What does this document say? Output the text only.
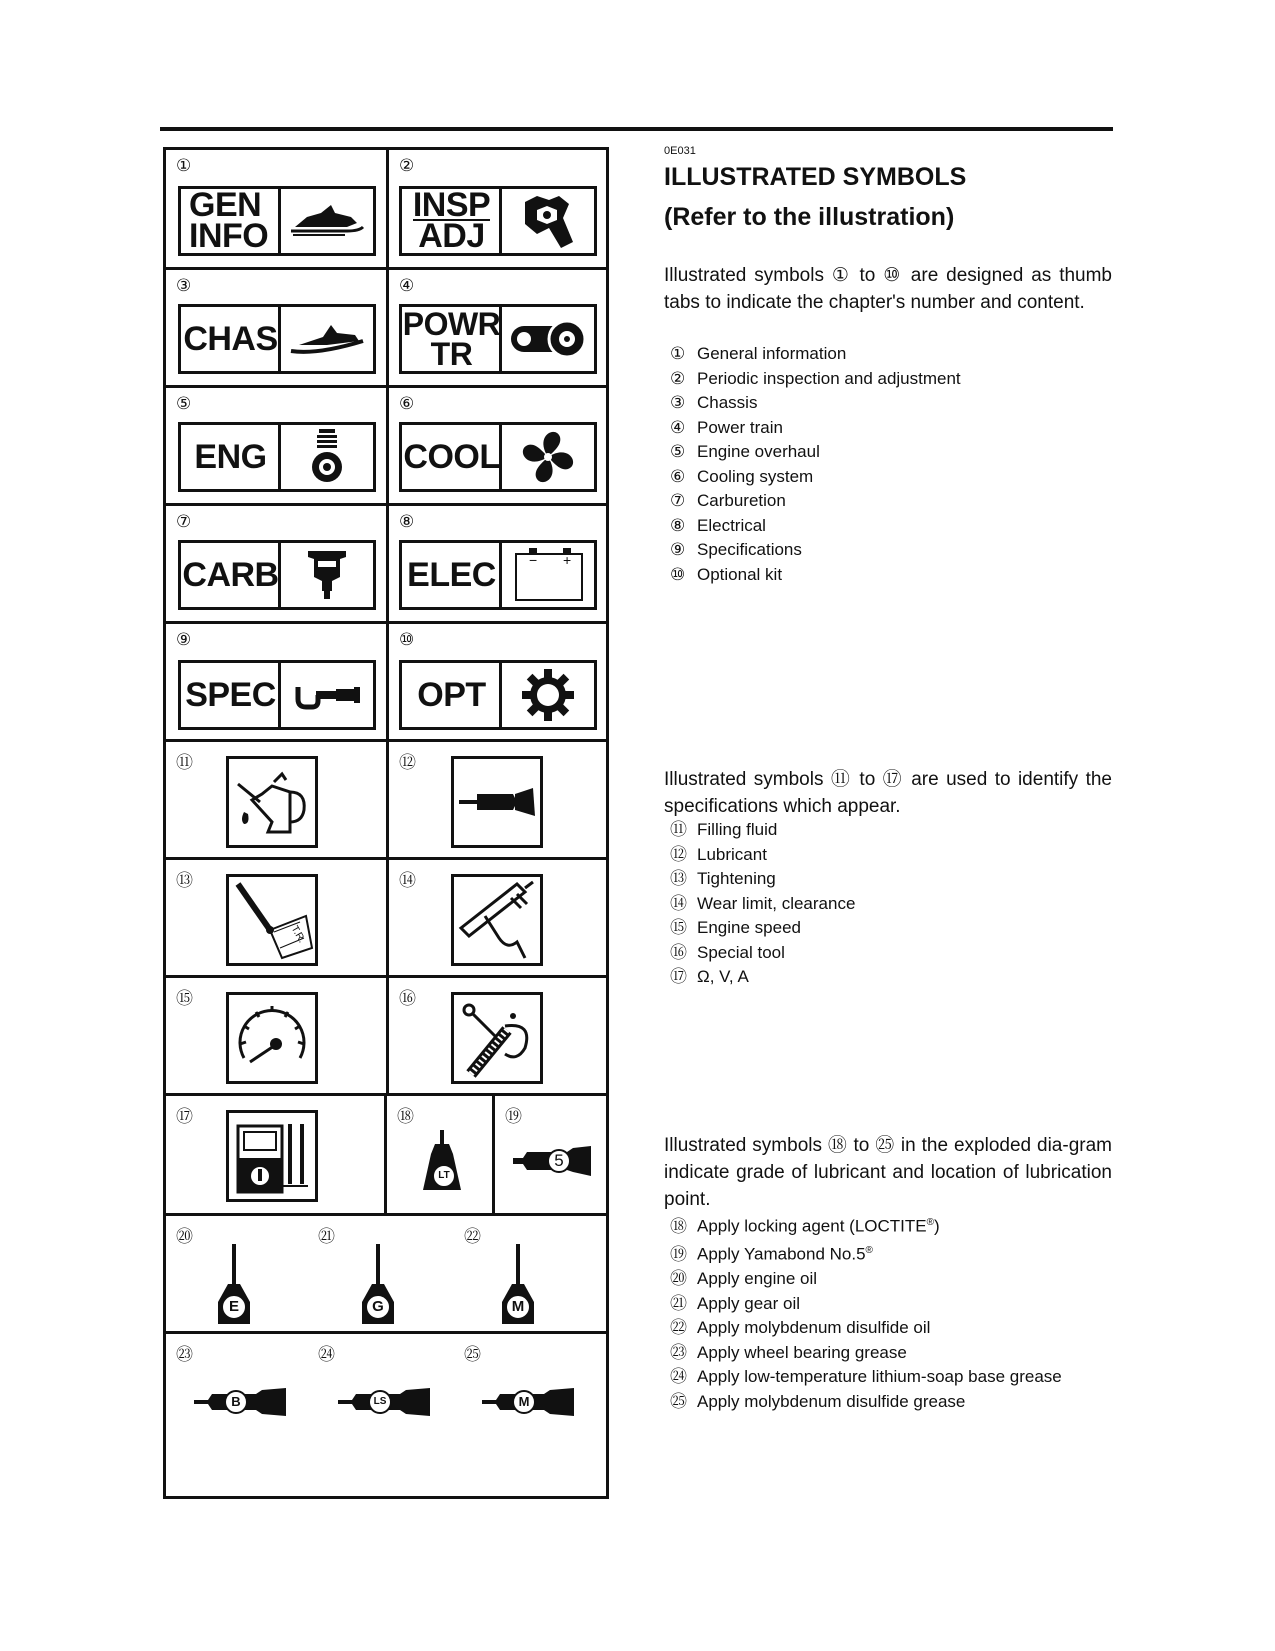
①
GEN
INFO
②
INSP
ADJ
③
CHAS
④
POWR
TR
⑤
ENG
⑥
COOL
⑦
CARB
⑧
ELEC	− +
⑨
SPEC
⑩
OPT
⑪	⑫
⑬
T.R.
⑭
⑮	⑯
⑰	⑱
LT
⑲
5
⑳	㉑	㉒
E	G	M
㉓	㉔	㉕
B	LS	M
0E031
ILLUSTRATED SYMBOLS
(Refer to the illustration)
Illustrated symbols ① to ⑩ are designed as thumb tabs to indicate the chapter's number and content.
① General information
② Periodic inspection and adjustment
③ Chassis
④ Power train
⑤ Engine overhaul
⑥ Cooling system
⑦ Carburetion
⑧ Electrical
⑨ Specifications
⑩ Optional kit
Illustrated symbols ⑪ to ⑰ are used to identify the specifications which appear.
⑪ Filling fluid
⑫ Lubricant
⑬ Tightening
⑭ Wear limit, clearance
⑮ Engine speed
⑯ Special tool
⑰ Ω, V, A
Illustrated symbols ⑱ to ㉕ in the exploded dia-gram indicate grade of lubricant and location of lubrication point.
⑱ Apply locking agent (LOCTITE®)
⑲ Apply Yamabond No.5®
⑳ Apply engine oil
㉑ Apply gear oil
㉒ Apply molybdenum disulfide oil
㉓ Apply wheel bearing grease
㉔ Apply low-temperature lithium-soap base grease
㉕ Apply molybdenum disulfide grease
